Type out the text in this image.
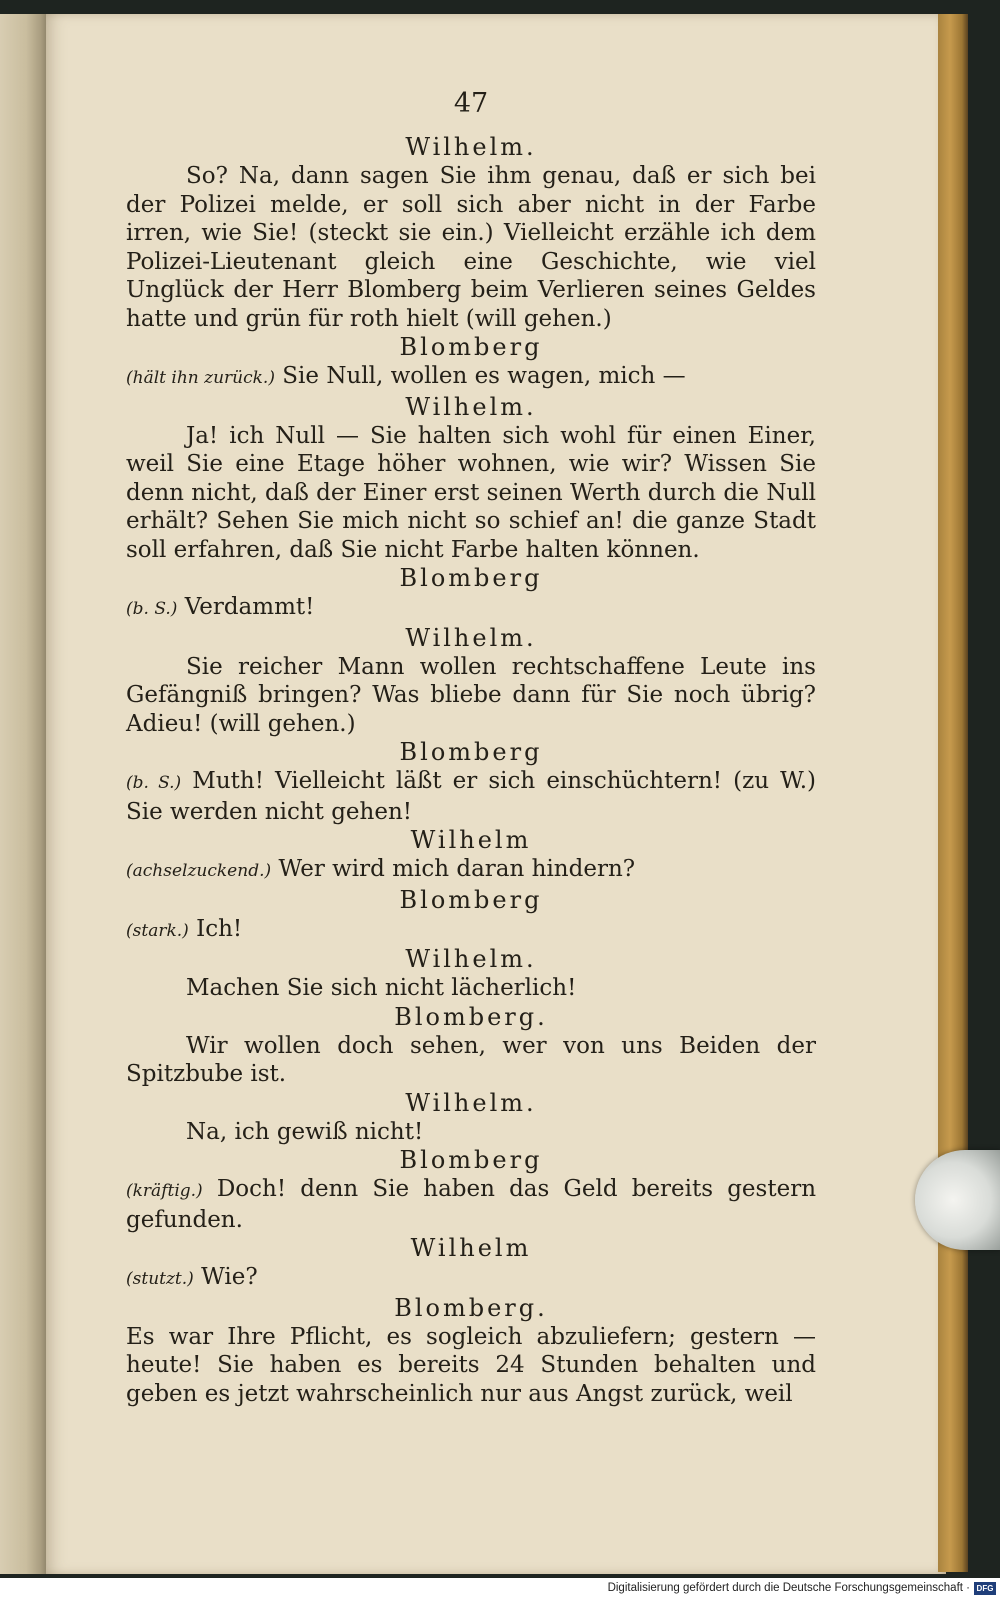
47
Wilhelm.

So? Na, dann sagen Sie ihm genau, daß er sich bei der Polizei melde, er soll sich aber nicht in der Farbe irren, wie Sie! (steckt sie ein.) Vielleicht erzähle ich dem Polizei-Lieutenant gleich eine Geschichte, wie viel Unglück der Herr Blomberg beim Verlieren seines Geldes hatte und grün für roth hielt (will gehen.)

Blomberg

(hält ihn zurück.) Sie Null, wollen es wagen, mich —

Wilhelm.

Ja! ich Null — Sie halten sich wohl für einen Einer, weil Sie eine Etage höher wohnen, wie wir? Wissen Sie denn nicht, daß der Einer erst seinen Werth durch die Null erhält? Sehen Sie mich nicht so schief an! die ganze Stadt soll erfahren, daß Sie nicht Farbe halten können.

Blomberg

(b. S.) Verdammt!

Wilhelm.

Sie reicher Mann wollen rechtschaffene Leute ins Gefängniß bringen? Was bliebe dann für Sie noch übrig? Adieu! (will gehen.)

Blomberg

(b. S.) Muth! Vielleicht läßt er sich einschüchtern! (zu W.) Sie werden nicht gehen!

Wilhelm

(achselzuckend.) Wer wird mich daran hindern?

Blomberg

(stark.) Ich!

Wilhelm.

Machen Sie sich nicht lächerlich!

Blomberg.

Wir wollen doch sehen, wer von uns Beiden der Spitzbube ist.

Wilhelm.

Na, ich gewiß nicht!

Blomberg

(kräftig.) Doch! denn Sie haben das Geld bereits gestern gefunden.

Wilhelm

(stutzt.) Wie?

Blomberg.

Es war Ihre Pflicht, es sogleich abzuliefern; gestern — heute! Sie haben es bereits 24 Stunden behalten und geben es jetzt wahrscheinlich nur aus Angst zurück, weil

Digitalisierung gefördert durch die Deutsche Forschungsgemeinschaft · DFG
